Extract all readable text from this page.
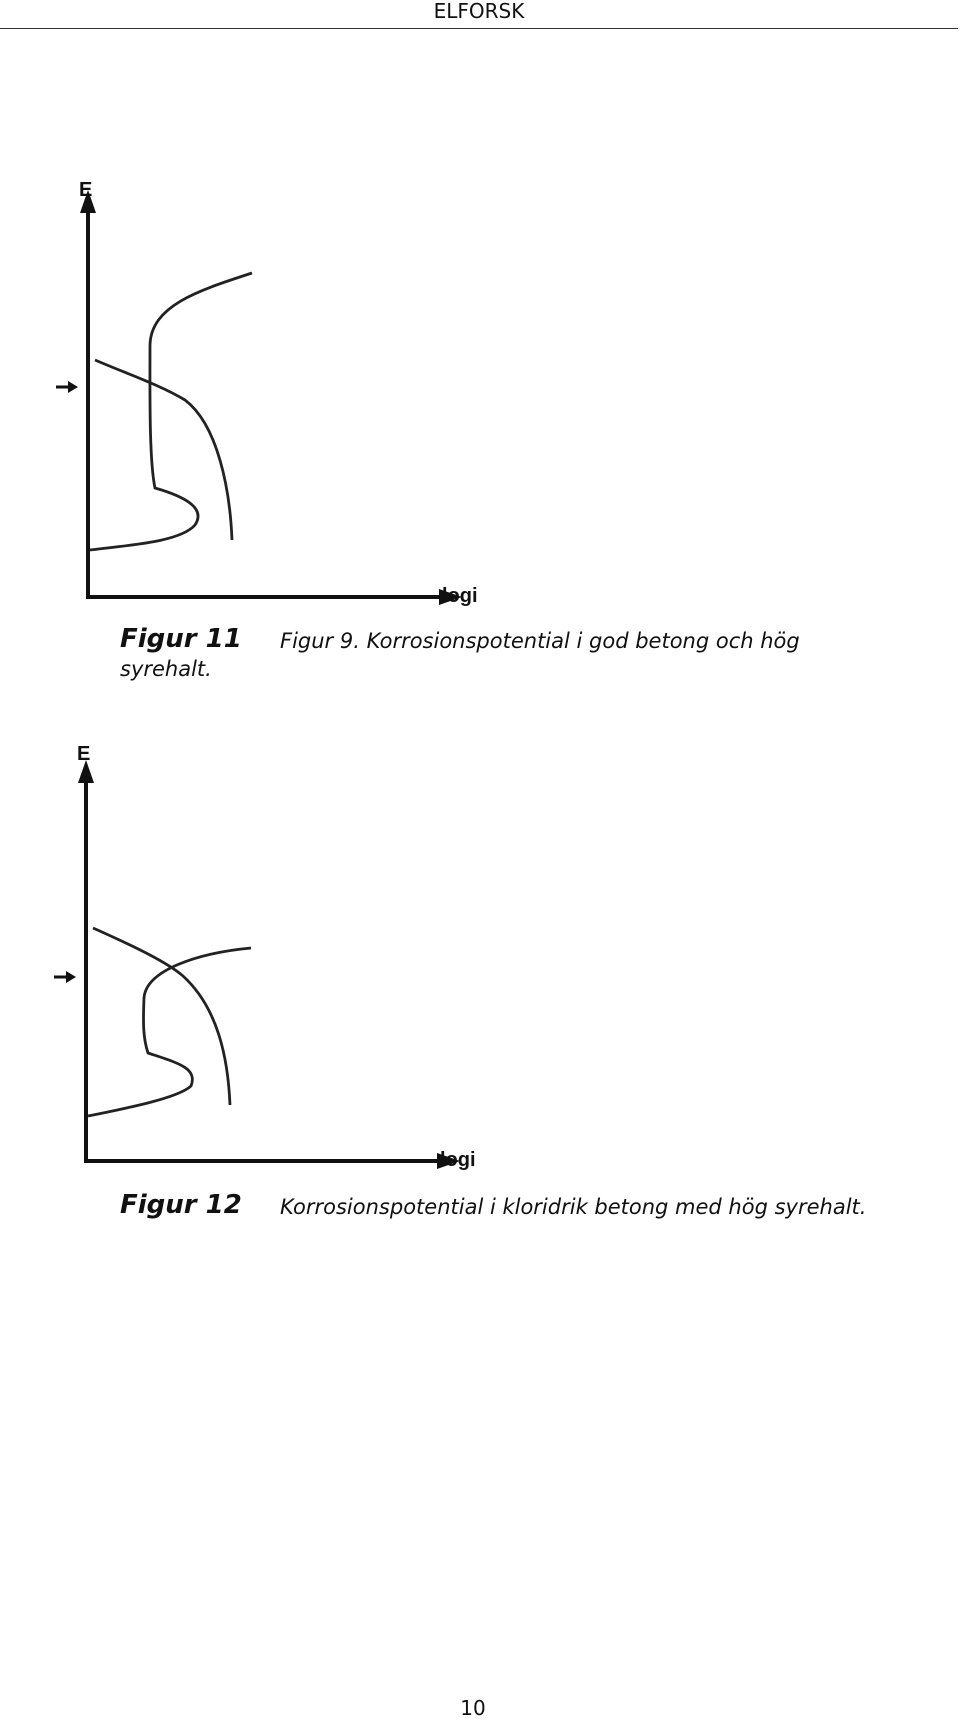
ELFORSK
E
logi
Figur 11 Figur 9. Korrosionspotential i god betong och hög
syrehalt.
E
logi
Figur 12 Korrosionspotential i kloridrik betong med hög syrehalt.
10
